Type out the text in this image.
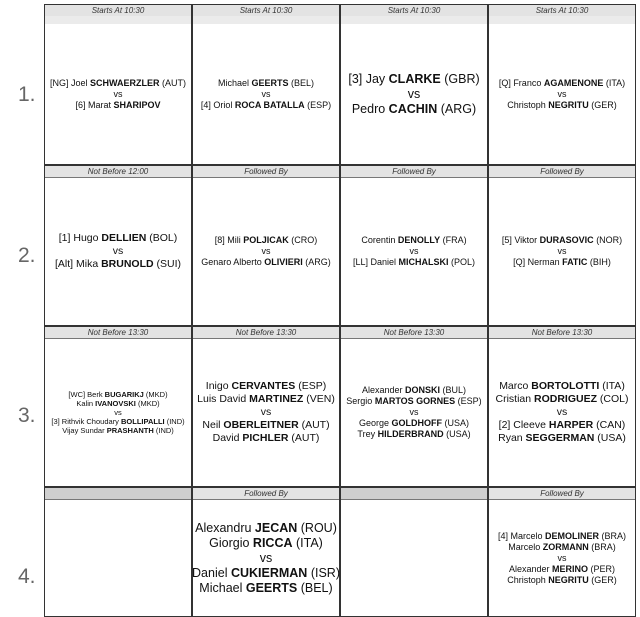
1.
Starts At 10:30
[NG] Joel SCHWAERZLER (AUT)
vs
[6] Marat SHARIPOV
Starts At 10:30
Michael GEERTS (BEL)
vs
[4] Oriol ROCA BATALLA (ESP)
Starts At 10:30
[3] Jay CLARKE (GBR)
vs
Pedro CACHIN (ARG)
Starts At 10:30
[Q] Franco AGAMENONE (ITA)
vs
Christoph NEGRITU (GER)
2.
Not Before 12:00
[1] Hugo DELLIEN (BOL)
vs
[Alt] Mika BRUNOLD (SUI)
Followed By
[8] Mili POLJICAK (CRO)
vs
Genaro Alberto OLIVIERI (ARG)
Followed By
Corentin DENOLLY (FRA)
vs
[LL] Daniel MICHALSKI (POL)
Followed By
[5] Viktor DURASOVIC (NOR)
vs
[Q] Nerman FATIC (BIH)
3.
Not Before 13:30
[WC] Berk BUGARIKJ (MKD)
Kalin IVANOVSKI (MKD)
vs
[3] Rithvik Choudary BOLLIPALLI (IND)
Vijay Sundar PRASHANTH (IND)
Not Before 13:30
Inigo CERVANTES (ESP)
Luis David MARTINEZ (VEN)
vs
Neil OBERLEITNER (AUT)
David PICHLER (AUT)
Not Before 13:30
Alexander DONSKI (BUL)
Sergio MARTOS GORNES (ESP)
vs
George GOLDHOFF (USA)
Trey HILDERBRAND (USA)
Not Before 13:30
Marco BORTOLOTTI (ITA)
Cristian RODRIGUEZ (COL)
vs
[2] Cleeve HARPER (CAN)
Ryan SEGGERMAN (USA)
4.
Followed By
Alexandru JECAN (ROU)
Giorgio RICCA (ITA)
vs
Daniel CUKIERMAN (ISR)
Michael GEERTS (BEL)
Followed By
[4] Marcelo DEMOLINER (BRA)
Marcelo ZORMANN (BRA)
vs
Alexander MERINO (PER)
Christoph NEGRITU (GER)
